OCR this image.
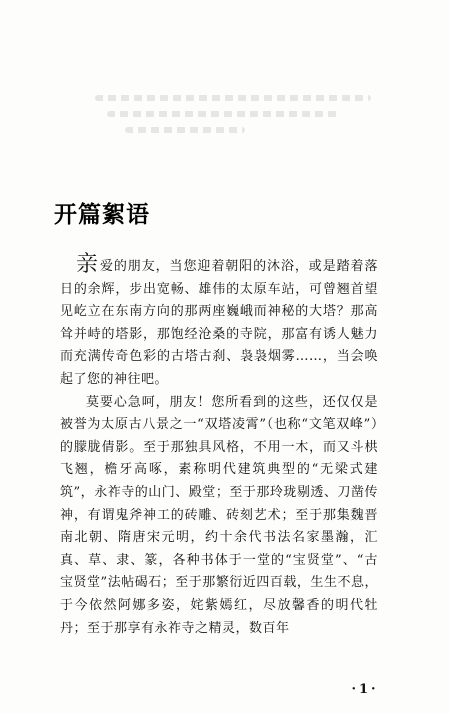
开篇絮语

亲爱的朋友，当您迎着朝阳的沐浴，或是踏着落日的余辉，步出宽畅、雄伟的太原车站，可曾翘首望见屹立在东南方向的那两座巍峨而神秘的大塔？那高耸并峙的塔影，那饱经沧桑的寺院，那富有诱人魅力而充满传奇色彩的古塔古刹、袅袅烟雾……，当会唤起了您的神往吧。

莫要心急呵，朋友！您所看到的这些，还仅仅是被誉为太原古八景之一“双塔凌霄”（也称“文笔双峰”）的朦胧倩影。至于那独具风格，不用一木，而又斗栱飞翘，檐牙高啄，素称明代建筑典型的“无梁式建筑”，永祚寺的山门、殿堂；至于那玲珑剔透、刀凿传神，有谓鬼斧神工的砖雕、砖刻艺术；至于那集魏晋南北朝、隋唐宋元明，约十余代书法名家墨瀚，汇真、草、隶、篆，各种书体于一堂的“宝贤堂”、“古宝贤堂”法帖碣石；至于那繁衍近四百载，生生不息，于今依然阿娜多姿，姹紫嫣红，尽放馨香的明代牡丹；至于那享有永祚寺之精灵，数百年

·1·
